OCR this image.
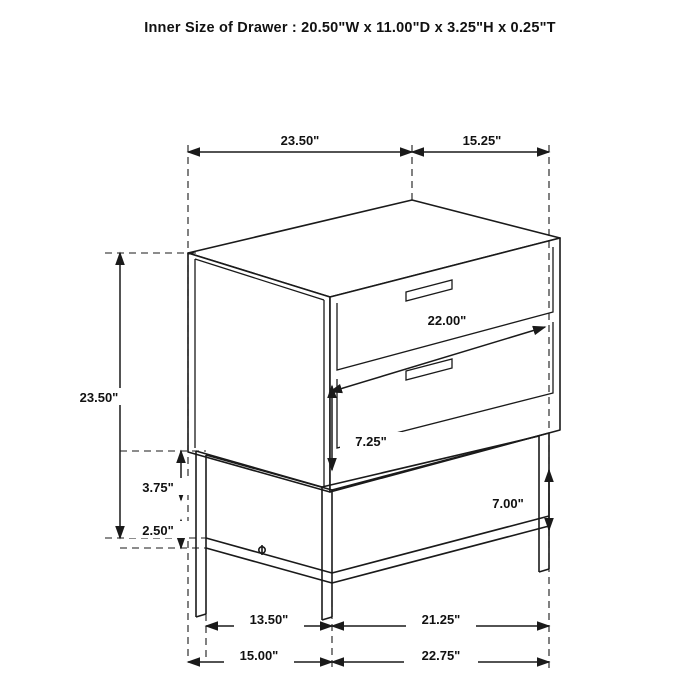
Inner Size of Drawer : 20.50"W x 11.00"D x 3.25"H x 0.25"T
23.50"	15.25"
22.00"
23.50"
7.25"
3.75"
2.50"
7.00"
13.50"	21.25"
15.00"	22.75"
